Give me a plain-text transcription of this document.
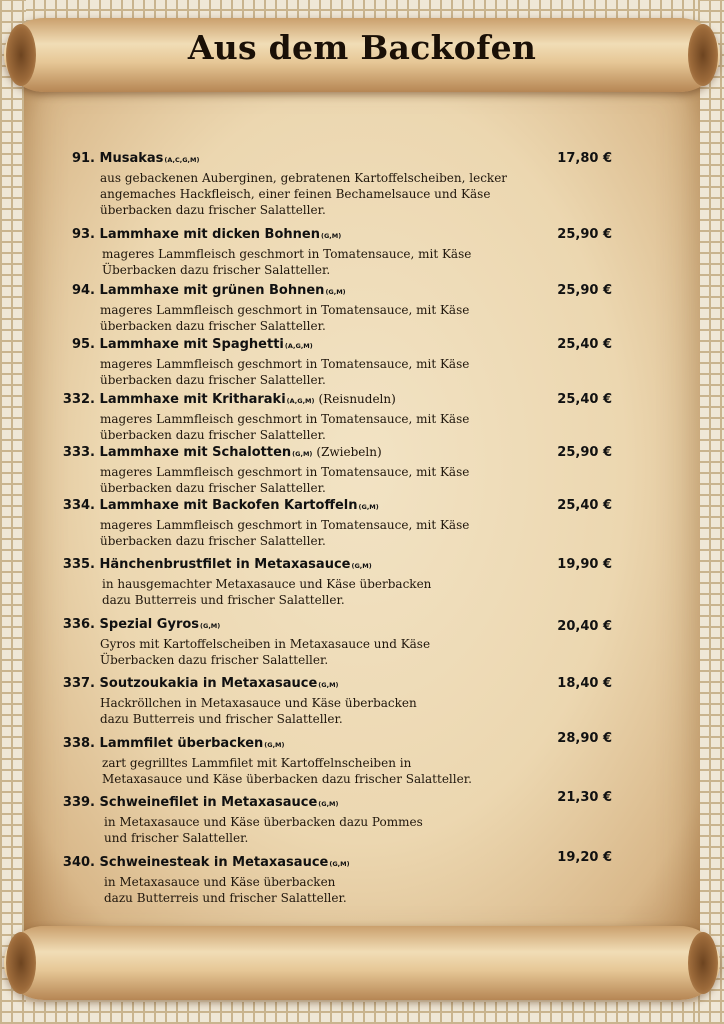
Aus dem Backofen
91. Musakas(A,C,G,M)	17,80 €
aus gebackenen Auberginen, gebratenen Kartoffelscheiben, lecker
angemaches Hackfleisch, einer feinen Bechamelsauce und Käse
überbacken dazu frischer Salatteller.
93. Lammhaxe mit dicken Bohnen(G,M)	25,90 €
mageres Lammfleisch geschmort in Tomatensauce, mit Käse
Überbacken dazu frischer Salatteller.
94. Lammhaxe mit grünen Bohnen(G,M)	25,90 €
mageres Lammfleisch geschmort in Tomatensauce, mit Käse
überbacken dazu frischer Salatteller.
95. Lammhaxe mit Spaghetti(A,G,M)	25,40 €
mageres Lammfleisch geschmort in Tomatensauce, mit Käse
überbacken dazu frischer Salatteller.
332. Lammhaxe mit Kritharaki(A,G,M) (Reisnudeln)	25,40 €
mageres Lammfleisch geschmort in Tomatensauce, mit Käse
überbacken dazu frischer Salatteller.
333. Lammhaxe mit Schalotten(G,M) (Zwiebeln)	25,90 €
mageres Lammfleisch geschmort in Tomatensauce, mit Käse
überbacken dazu frischer Salatteller.
334. Lammhaxe mit Backofen Kartoffeln(G,M)	25,40 €
mageres Lammfleisch geschmort in Tomatensauce, mit Käse
überbacken dazu frischer Salatteller.
335. Hänchenbrustfilet in Metaxasauce(G,M)	19,90 €
in hausgemachter Metaxasauce und Käse überbacken
dazu Butterreis und frischer Salatteller.
336. Spezial Gyros(G,M)	20,40 €
Gyros mit Kartoffelscheiben in Metaxasauce und Käse
Überbacken dazu frischer Salatteller.
337. Soutzoukakia in Metaxasauce(G,M)	18,40 €
Hackröllchen in Metaxasauce und Käse überbacken
dazu Butterreis und frischer Salatteller.
338. Lammfilet überbacken(G,M)	28,90 €
zart gegrilltes Lammfilet mit Kartoffelnscheiben in
Metaxasauce und Käse überbacken dazu frischer Salatteller.
339. Schweinefilet in Metaxasauce(G,M)	21,30 €
in Metaxasauce und Käse überbacken dazu Pommes
und frischer Salatteller.
340. Schweinesteak in Metaxasauce(G,M)	19,20 €
in Metaxasauce und Käse überbacken
dazu Butterreis und frischer Salatteller.
